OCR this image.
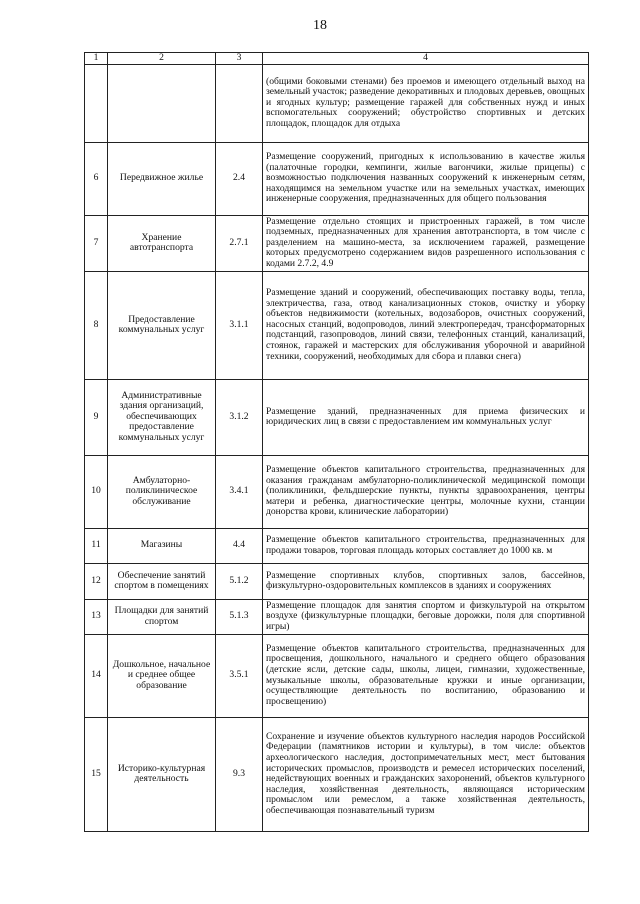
18
1	2	3	4
			(общими боковыми стенами) без проемов и имеющего отдельный выход на земельный участок; разведение декоративных и плодовых деревьев, овощных и ягодных культур; размещение гаражей для собственных нужд и иных вспомогательных сооружений; обустройство спортивных и детских площадок, площадок для отдыха
6	Передвижное жилье	2.4	Размещение сооружений, пригодных к использованию в качестве жилья (палаточные городки, кемпинги, жилые вагончики, жилые прицепы) с возможностью подключения названных сооружений к инженерным сетям, находящимся на земельном участке или на земельных участках, имеющих инженерные сооружения, предназначенных для общего пользования
7	Хранение автотранспорта	2.7.1	Размещение отдельно стоящих и пристроенных гаражей, в том числе подземных, предназначенных для хранения автотранспорта, в том числе с разделением на машино-места, за исключением гаражей, размещение которых предусмотрено содержанием видов разрешенного использования с кодами 2.7.2, 4.9
8	Предоставление коммунальных услуг	3.1.1	Размещение зданий и сооружений, обеспечивающих поставку воды, тепла, электричества, газа, отвод канализационных стоков, очистку и уборку объектов недвижимости (котельных, водозаборов, очистных сооружений, насосных станций, водопроводов, линий электропередач, трансформаторных подстанций, газопроводов, линий связи, телефонных станций, канализаций, стоянок, гаражей и мастерских для обслуживания уборочной и аварийной техники, сооружений, необходимых для сбора и плавки снега)
9	Административные здания организаций, обеспечивающих предоставление коммунальных услуг	3.1.2	Размещение зданий, предназначенных для приема физических и юридических лиц в связи с предоставлением им коммунальных услуг
10	Амбулаторно-поликлиническое обслуживание	3.4.1	Размещение объектов капитального строительства, предназначенных для оказания гражданам амбулаторно-поликлинической медицинской помощи (поликлиники, фельдшерские пункты, пункты здравоохранения, центры матери и ребенка, диагностические центры, молочные кухни, станции донорства крови, клинические лаборатории)
11	Магазины	4.4	Размещение объектов капитального строительства, предназначенных для продажи товаров, торговая площадь которых составляет до 1000 кв. м
12	Обеспечение занятий спортом в помещениях	5.1.2	Размещение спортивных клубов, спортивных залов, бассейнов, физкультурно-оздоровительных комплексов в зданиях и сооружениях
13	Площадки для занятий спортом	5.1.3	Размещение площадок для занятия спортом и физкультурой на открытом воздухе (физкультурные площадки, беговые дорожки, поля для спортивной игры)
14	Дошкольное, начальное и среднее общее образование	3.5.1	Размещение объектов капитального строительства, предназначенных для просвещения, дошкольного, начального и среднего общего образования (детские ясли, детские сады, школы, лицеи, гимназии, художественные, музыкальные школы, образовательные кружки и иные организации, осуществляющие деятельность по воспитанию, образованию и просвещению)
15	Историко-культурная деятельность	9.3	Сохранение и изучение объектов культурного наследия народов Российской Федерации (памятников истории и культуры), в том числе: объектов археологического наследия, достопримечательных мест, мест бытования исторических промыслов, производств и ремесел исторических поселений, недействующих военных и гражданских захоронений, объектов культурного наследия, хозяйственная деятельность, являющаяся историческим промыслом или ремеслом, а также хозяйственная деятельность, обеспечивающая познавательный туризм
